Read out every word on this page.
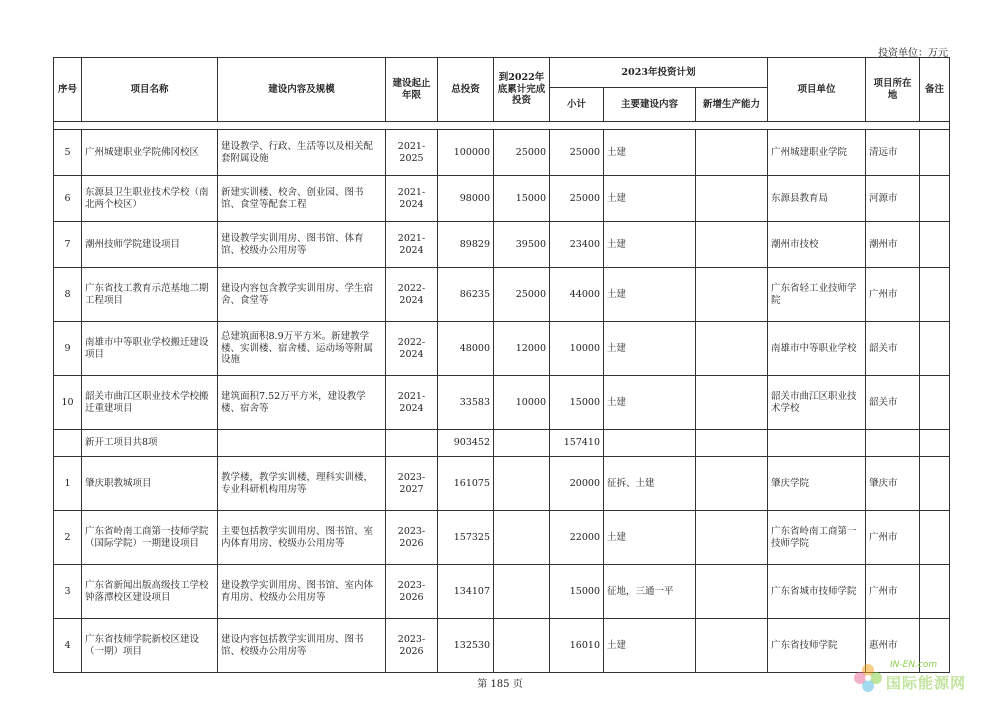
投资单位：万元
序号	项目名称	建设内容及规模	建设起止年限	总投资	到2022年底累计完成投资	2023年投资计划			项目单位	项目所在地	备注
						小计	主要建设内容	新增生产能力			

5	广州城建职业学院佛冈校区	建设教学、行政、生活等以及相关配套附属设施	2021-2025	100000	25000	25000	土建		广州城建职业学院	清远市	
6	东源县卫生职业技术学校（南北两个校区）	新建实训楼、校舍、创业园、图书馆、食堂等配套工程	2021-2024	98000	15000	25000	土建		东源县教育局	河源市	
7	潮州技师学院建设项目	建设教学实训用房、图书馆、体育馆、校级办公用房等	2021-2024	89829	39500	23400	土建		潮州市技校	潮州市	
8	广东省技工教育示范基地二期工程项目	建设内容包含教学实训用房、学生宿舍、食堂等	2022-2024	86235	25000	44000	土建		广东省轻工业技师学院	广州市	
9	南雄市中等职业学校搬迁建设项目	总建筑面积8.9万平方米。新建教学楼、实训楼、宿舍楼、运动场等附属设施	2022-2024	48000	12000	10000	土建		南雄市中等职业学校	韶关市	
10	韶关市曲江区职业技术学校搬迁重建项目	建筑面积7.52万平方米，建设教学楼、宿舍等	2021-2024	33583	10000	15000	土建		韶关市曲江区职业技术学校	韶关市	
	新开工项目共8项			903452		157410					
1	肇庆职教城项目	教学楼，教学实训楼，理科实训楼，专业科研机构用房等	2023-2027	161075		20000	征拆、土建		肇庆学院	肇庆市	
2	广东省岭南工商第一技师学院（国际学院）一期建设项目	主要包括教学实训用房、图书馆、室内体育用房、校级办公用房等	2023-2026	157325		22000	土建		广东省岭南工商第一技师学院	广州市	
3	广东省新闻出版高级技工学校钟落潭校区建设项目	建设教学实训用房、图书馆、室内体育用房、校级办公用房等	2023-2026	134107		15000	征地，三通一平		广东省城市技师学院	广州市	
4	广东省技师学院新校区建设（一期）项目	建设内容包括教学实训用房、图书馆、校级办公用房等	2023-2026	132530		16010	土建		广东省技师学院	惠州市	
第 185 页
IN-EN.com
国际能源网
